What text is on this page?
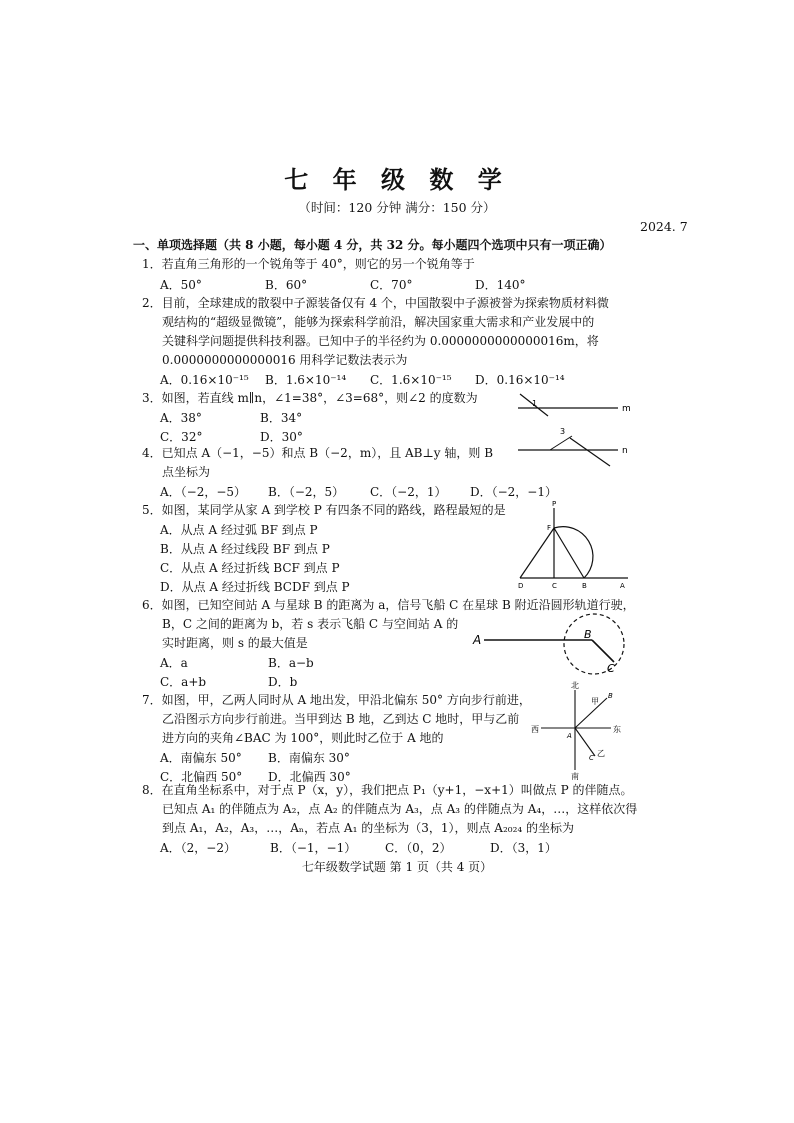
七 年 级 数 学
（时间：120 分钟 满分：150 分）
2024. 7
一、单项选择题（共 8 小题，每小题 4 分，共 32 分。每小题四个选项中只有一项正确）
1．若直角三角形的一个锐角等于 40°，则它的另一个锐角等于
A．50°	B．60°	C．70°	D．140°
2．目前，全球建成的散裂中子源装备仅有 4 个，中国散裂中子源被誉为探索物质材料微
观结构的“超级显微镜”，能够为探索科学前沿，解决国家重大需求和产业发展中的
关键科学问题提供科技利器。已知中子的半径约为 0.0000000000000016m，将
0.0000000000000016 用科学记数法表示为
A．0.16×10⁻¹⁵ B．1.6×10⁻¹⁴ C．1.6×10⁻¹⁵ D．0.16×10⁻¹⁴
3．如图，若直线 m∥n，∠1=38°，∠3=68°，则∠2 的度数为
A．38°	B．34°
C．32°	D．30°
m
n
1
3
4．已知点 A（−1，−5）和点 B（−2，m），且 AB⊥y 轴，则 B
点坐标为
A．（−2，−5） B．（−2，5） C．（−2，1） D．（−2，−1）
5．如图，某同学从家 A 到学校 P 有四条不同的路线，路程最短的是
A．从点 A 经过弧 BF 到点 P
B．从点 A 经过线段 BF 到点 P
C．从点 A 经过折线 BCF 到点 P
D．从点 A 经过折线 BCDF 到点 P
P
F
D	C	B	A
6．如图，已知空间站 A 与星球 B 的距离为 a，信号飞船 C 在星球 B 附近沿圆形轨道行驶，
B，C 之间的距离为 b，若 s 表示飞船 C 与空间站 A 的
实时距离，则 s 的最大值是
A．a	B．a−b
C．a+b	D．b
A	B
C
7．如图，甲，乙两人同时从 A 地出发，甲沿北偏东 50° 方向步行前进，
乙沿图示方向步行前进。当甲到达 B 地，乙到达 C 地时，甲与乙前
进方向的夹角∠BAC 为 100°，则此时乙位于 A 地的
A．南偏东 50° B．南偏东 30°
C．北偏西 50° D．北偏西 30°
北
南
东
西
甲
乙
A
B
C
8．在直角坐标系中，对于点 P（x，y），我们把点 P₁（y+1，−x+1）叫做点 P 的伴随点。
已知点 A₁ 的伴随点为 A₂，点 A₂ 的伴随点为 A₃，点 A₃ 的伴随点为 A₄，…，这样依次得
到点 A₁，A₂，A₃，…，Aₙ，若点 A₁ 的坐标为（3，1），则点 A₂₀₂₄ 的坐标为
A．（2，−2）	B．（−1，−1） C．（0，2）	D．（3，1）
七年级数学试题 第 1 页（共 4 页）
